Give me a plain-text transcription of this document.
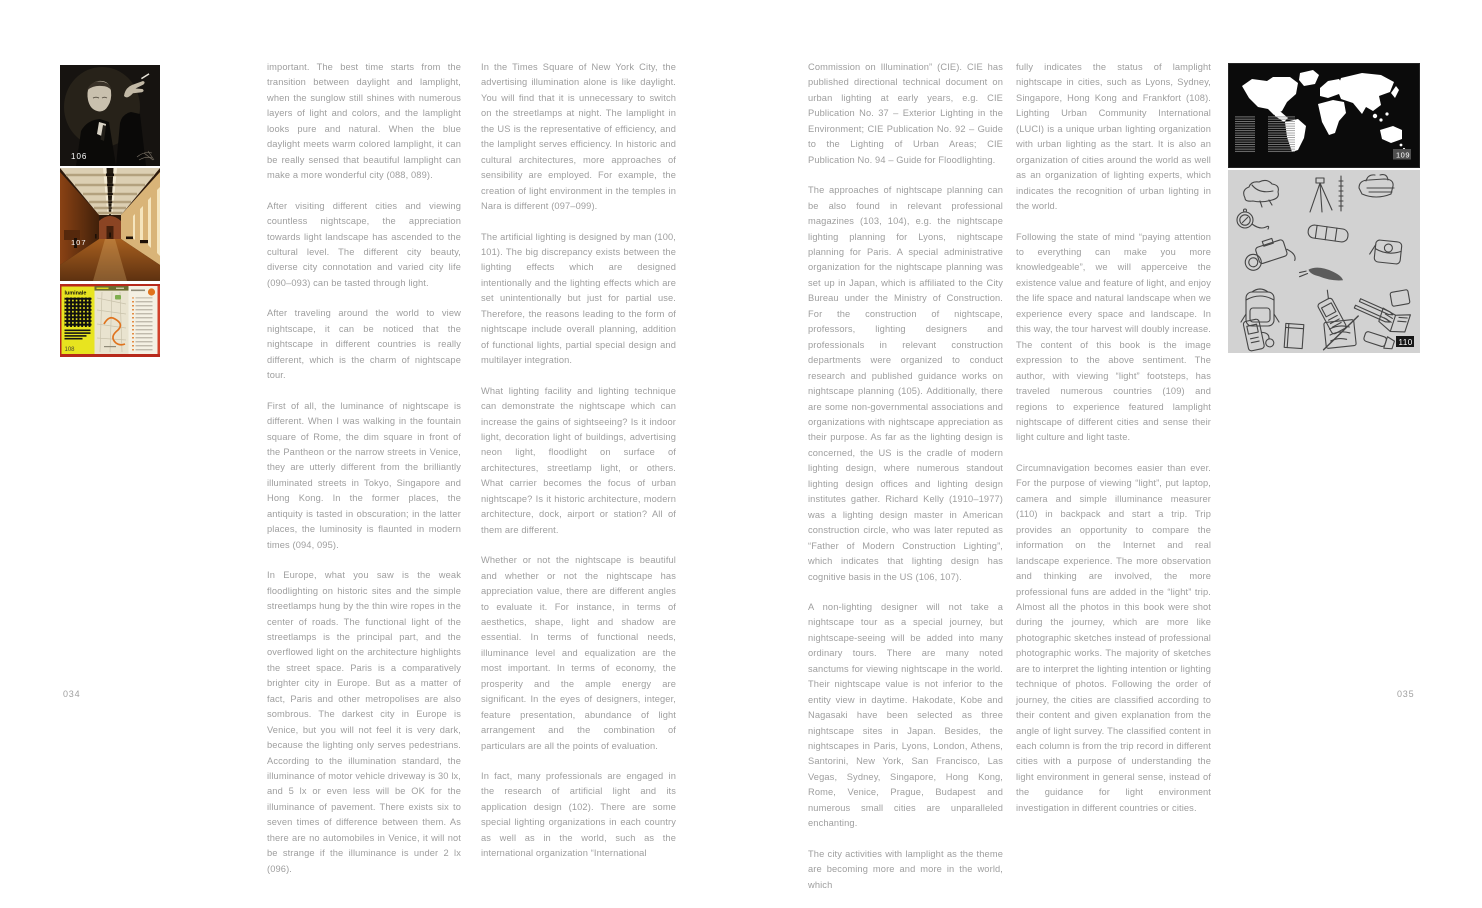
106
107
luminale
108

important. The best time starts from the transition between daylight and lamplight, when the sunglow still shines with numerous layers of light and colors, and the lamplight looks pure and natural. When the blue daylight meets warm colored lamplight, it can be really sensed that beautiful lamplight can make a more wonderful city (088, 089).

After visiting different cities and viewing countless nightscape, the appreciation towards light landscape has ascended to the cultural level. The different city beauty, diverse city connotation and varied city life (090–093) can be tasted through light.

After traveling around the world to view nightscape, it can be noticed that the nightscape in different countries is really different, which is the charm of nightscape tour.

First of all, the luminance of nightscape is different. When I was walking in the fountain square of Rome, the dim square in front of the Pantheon or the narrow streets in Venice, they are utterly different from the brilliantly illuminated streets in Tokyo, Singapore and Hong Kong. In the former places, the antiquity is tasted in obscuration; in the latter places, the luminosity is flaunted in modern times (094, 095).

In Europe, what you saw is the weak floodlighting on historic sites and the simple streetlamps hung by the thin wire ropes in the center of roads. The functional light of the streetlamps is the principal part, and the overflowed light on the architecture highlights the street space. Paris is a comparatively brighter city in Europe. But as a matter of fact, Paris and other metropolises are also sombrous. The darkest city in Europe is Venice, but you will not feel it is very dark, because the lighting only serves pedestrians. According to the illumination standard, the illuminance of motor vehicle driveway is 30 lx, and 5 lx or even less will be OK for the illuminance of pavement. There exists six to seven times of difference between them. As there are no automobiles in Venice, it will not be strange if the illuminance is under 2 lx (096).

In the Times Square of New York City, the advertising illumination alone is like daylight. You will find that it is unnecessary to switch on the streetlamps at night. The lamplight in the US is the representative of efficiency, and the lamplight serves efficiency. In historic and cultural architectures, more approaches of sensibility are employed. For example, the creation of light environment in the temples in Nara is different (097–099).

The artificial lighting is designed by man (100, 101). The big discrepancy exists between the lighting effects which are designed intentionally and the lighting effects which are set unintentionally but just for partial use. Therefore, the reasons leading to the form of nightscape include overall planning, addition of functional lights, partial special design and multilayer integration.

What lighting facility and lighting technique can demonstrate the nightscape which can increase the gains of sightseeing? Is it indoor light, decoration light of buildings, advertising neon light, floodlight on surface of architectures, streetlamp light, or others. What carrier becomes the focus of urban nightscape? Is it historic architecture, modern architecture, dock, airport or station? All of them are different.

Whether or not the nightscape is beautiful and whether or not the nightscape has appreciation value, there are different angles to evaluate it. For instance, in terms of aesthetics, shape, light and shadow are essential. In terms of functional needs, illuminance level and equalization are the most important. In terms of economy, the prosperity and the ample energy are significant. In the eyes of designers, integer, feature presentation, abundance of light arrangement and the combination of particulars are all the points of evaluation.

In fact, many professionals are engaged in the research of artificial light and its application design (102). There are some special lighting organizations in each country as well as in the world, such as the international organization “International

034

Commission on Illumination” (CIE). CIE has published directional technical document on urban lighting at early years, e.g. CIE Publication No. 37 – Exterior Lighting in the Environment; CIE Publication No. 92 – Guide to the Lighting of Urban Areas; CIE Publication No. 94 – Guide for Floodlighting.

The approaches of nightscape planning can be also found in relevant professional magazines (103, 104), e.g. the nightscape lighting planning for Lyons, nightscape planning for Paris. A special administrative organization for the nightscape planning was set up in Japan, which is affiliated to the City Bureau under the Ministry of Construction. For the construction of nightscape, professors, lighting designers and professionals in relevant construction departments were organized to conduct research and published guidance works on nightscape planning (105). Additionally, there are some non-governmental associations and organizations with nightscape appreciation as their purpose. As far as the lighting design is concerned, the US is the cradle of modern lighting design, where numerous standout lighting design offices and lighting design institutes gather. Richard Kelly (1910–1977) was a lighting design master in American construction circle, who was later reputed as “Father of Modern Construction Lighting”, which indicates that lighting design has cognitive basis in the US (106, 107).

A non-lighting designer will not take a nightscape tour as a special journey, but nightscape-seeing will be added into many ordinary tours. There are many noted sanctums for viewing nightscape in the world. Their nightscape value is not inferior to the entity view in daytime. Hakodate, Kobe and Nagasaki have been selected as three nightscape sites in Japan. Besides, the nightscapes in Paris, Lyons, London, Athens, Santorini, New York, San Francisco, Las Vegas, Sydney, Singapore, Hong Kong, Rome, Venice, Prague, Budapest and numerous small cities are unparalleled enchanting.

The city activities with lamplight as the theme are becoming more and more in the world, which

fully indicates the status of lamplight nightscape in cities, such as Lyons, Sydney, Singapore, Hong Kong and Frankfort (108). Lighting Urban Community International (LUCI) is a unique urban lighting organization with urban lighting as the start. It is also an organization of cities around the world as well as an organization of lighting experts, which indicates the recognition of urban lighting in the world.

Following the state of mind “paying attention to everything can make you more knowledgeable”, we will apperceive the existence value and feature of light, and enjoy the life space and natural landscape when we experience every space and landscape. In this way, the tour harvest will doubly increase. The content of this book is the image expression to the above sentiment. The author, with viewing “light” footsteps, has traveled numerous countries (109) and regions to experience featured lamplight nightscape of different cities and sense their light culture and light taste.

Circumnavigation becomes easier than ever. For the purpose of viewing “light”, put laptop, camera and simple illuminance measurer (110) in backpack and start a trip. Trip provides an opportunity to compare the information on the Internet and real landscape experience. The more observation and thinking are involved, the more professional funs are added in the “light” trip. Almost all the photos in this book were shot during the journey, which are more like photographic sketches instead of professional photographic works. The majority of sketches are to interpret the lighting intention or lighting technique of photos. Following the order of journey, the cities are classified according to their content and given explanation from the angle of light survey. The classified content in each column is from the trip record in different cities with a purpose of understanding the light environment in general sense, instead of the guidance for light environment investigation in different countries or cities.

109
110
035
